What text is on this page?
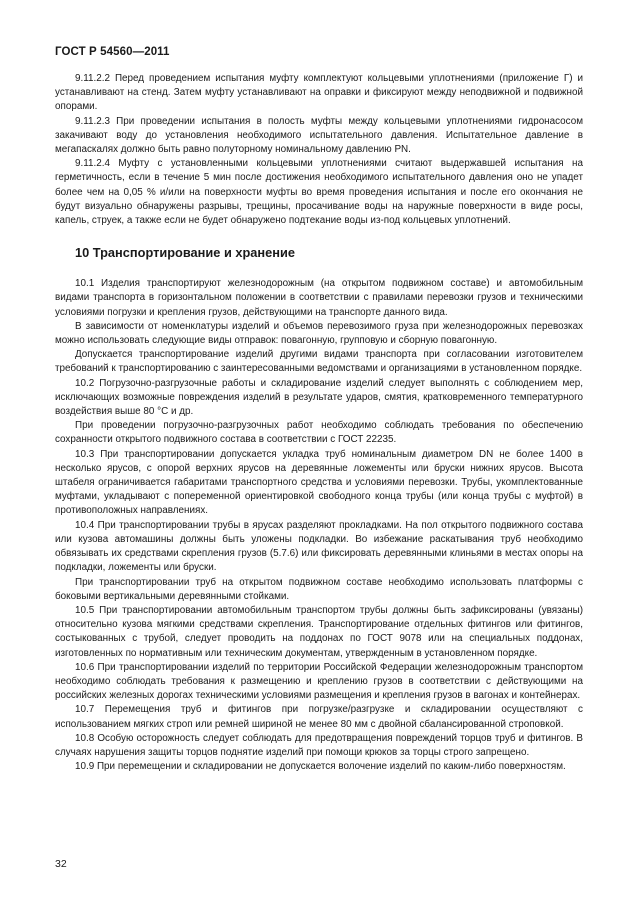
ГОСТ Р 54560—2011

9.11.2.2 Перед проведением испытания муфту комплектуют кольцевыми уплотнениями (приложение Г) и устанавливают на стенд. Затем муфту устанавливают на оправки и фиксируют между неподвижной и подвижной опорами.

9.11.2.3 При проведении испытания в полость муфты между кольцевыми уплотнениями гидронасосом закачивают воду до установления необходимого испытательного давления. Испытательное давление в мегапаскалях должно быть равно полуторному номинальному давлению PN.

9.11.2.4 Муфту с установленными кольцевыми уплотнениями считают выдержавшей испытания на герметичность, если в течение 5 мин после достижения необходимого испытательного давления оно не упадет более чем на 0,05 % и/или на поверхности муфты во время проведения испытания и после его окончания не будут визуально обнаружены разрывы, трещины, просачивание воды на наружные поверхности в виде росы, капель, струек, а также если не будет обнаружено подтекание воды из-под кольцевых уплотнений.

10 Транспортирование и хранение

10.1 Изделия транспортируют железнодорожным (на открытом подвижном составе) и автомобильным видами транспорта в горизонтальном положении в соответствии с правилами перевозки грузов и техническими условиями погрузки и крепления грузов, действующими на транспорте данного вида.

В зависимости от номенклатуры изделий и объемов перевозимого груза при железнодорожных перевозках можно использовать следующие виды отправок: повагонную, групповую и сборную повагонную.

Допускается транспортирование изделий другими видами транспорта при согласовании изготовителем требований к транспортированию с заинтересованными ведомствами и организациями в установленном порядке.

10.2 Погрузочно-разгрузочные работы и складирование изделий следует выполнять с соблюдением мер, исключающих возможные повреждения изделий в результате ударов, смятия, кратковременного температурного воздействия выше 80 °С и др.

При проведении погрузочно-разгрузочных работ необходимо соблюдать требования по обеспечению сохранности открытого подвижного состава в соответствии с ГОСТ 22235.

10.3 При транспортировании допускается укладка труб номинальным диаметром DN не более 1400 в несколько ярусов, с опорой верхних ярусов на деревянные ложементы или бруски нижних ярусов. Высота штабеля ограничивается габаритами транспортного средства и условиями перевозки. Трубы, укомплектованные муфтами, укладывают с попеременной ориентировкой свободного конца трубы (или конца трубы с муфтой) в противоположных направлениях.

10.4 При транспортировании трубы в ярусах разделяют прокладками. На пол открытого подвижного состава или кузова автомашины должны быть уложены подкладки. Во избежание раскатывания труб необходимо обвязывать их средствами скрепления грузов (5.7.6) или фиксировать деревянными клиньями в местах опоры на подкладки, ложементы или бруски.

При транспортировании труб на открытом подвижном составе необходимо использовать платформы с боковыми вертикальными деревянными стойками.

10.5 При транспортировании автомобильным транспортом трубы должны быть зафиксированы (увязаны) относительно кузова мягкими средствами скрепления. Транспортирование отдельных фитингов или фитингов, состыкованных с трубой, следует проводить на поддонах по ГОСТ 9078 или на специальных поддонах, изготовленных по нормативным или техническим документам, утвержденным в установленном порядке.

10.6 При транспортировании изделий по территории Российской Федерации железнодорожным транспортом необходимо соблюдать требования к размещению и креплению грузов в соответствии с действующими на российских железных дорогах техническими условиями размещения и крепления грузов в вагонах и контейнерах.

10.7 Перемещения труб и фитингов при погрузке/разгрузке и складировании осуществляют с использованием мягких строп или ремней шириной не менее 80 мм с двойной сбалансированной строповкой.

10.8 Особую осторожность следует соблюдать для предотвращения повреждений торцов труб и фитингов. В случаях нарушения защиты торцов поднятие изделий при помощи крюков за торцы строго запрещено.

10.9 При перемещении и складировании не допускается волочение изделий по каким-либо поверхностям.

32
